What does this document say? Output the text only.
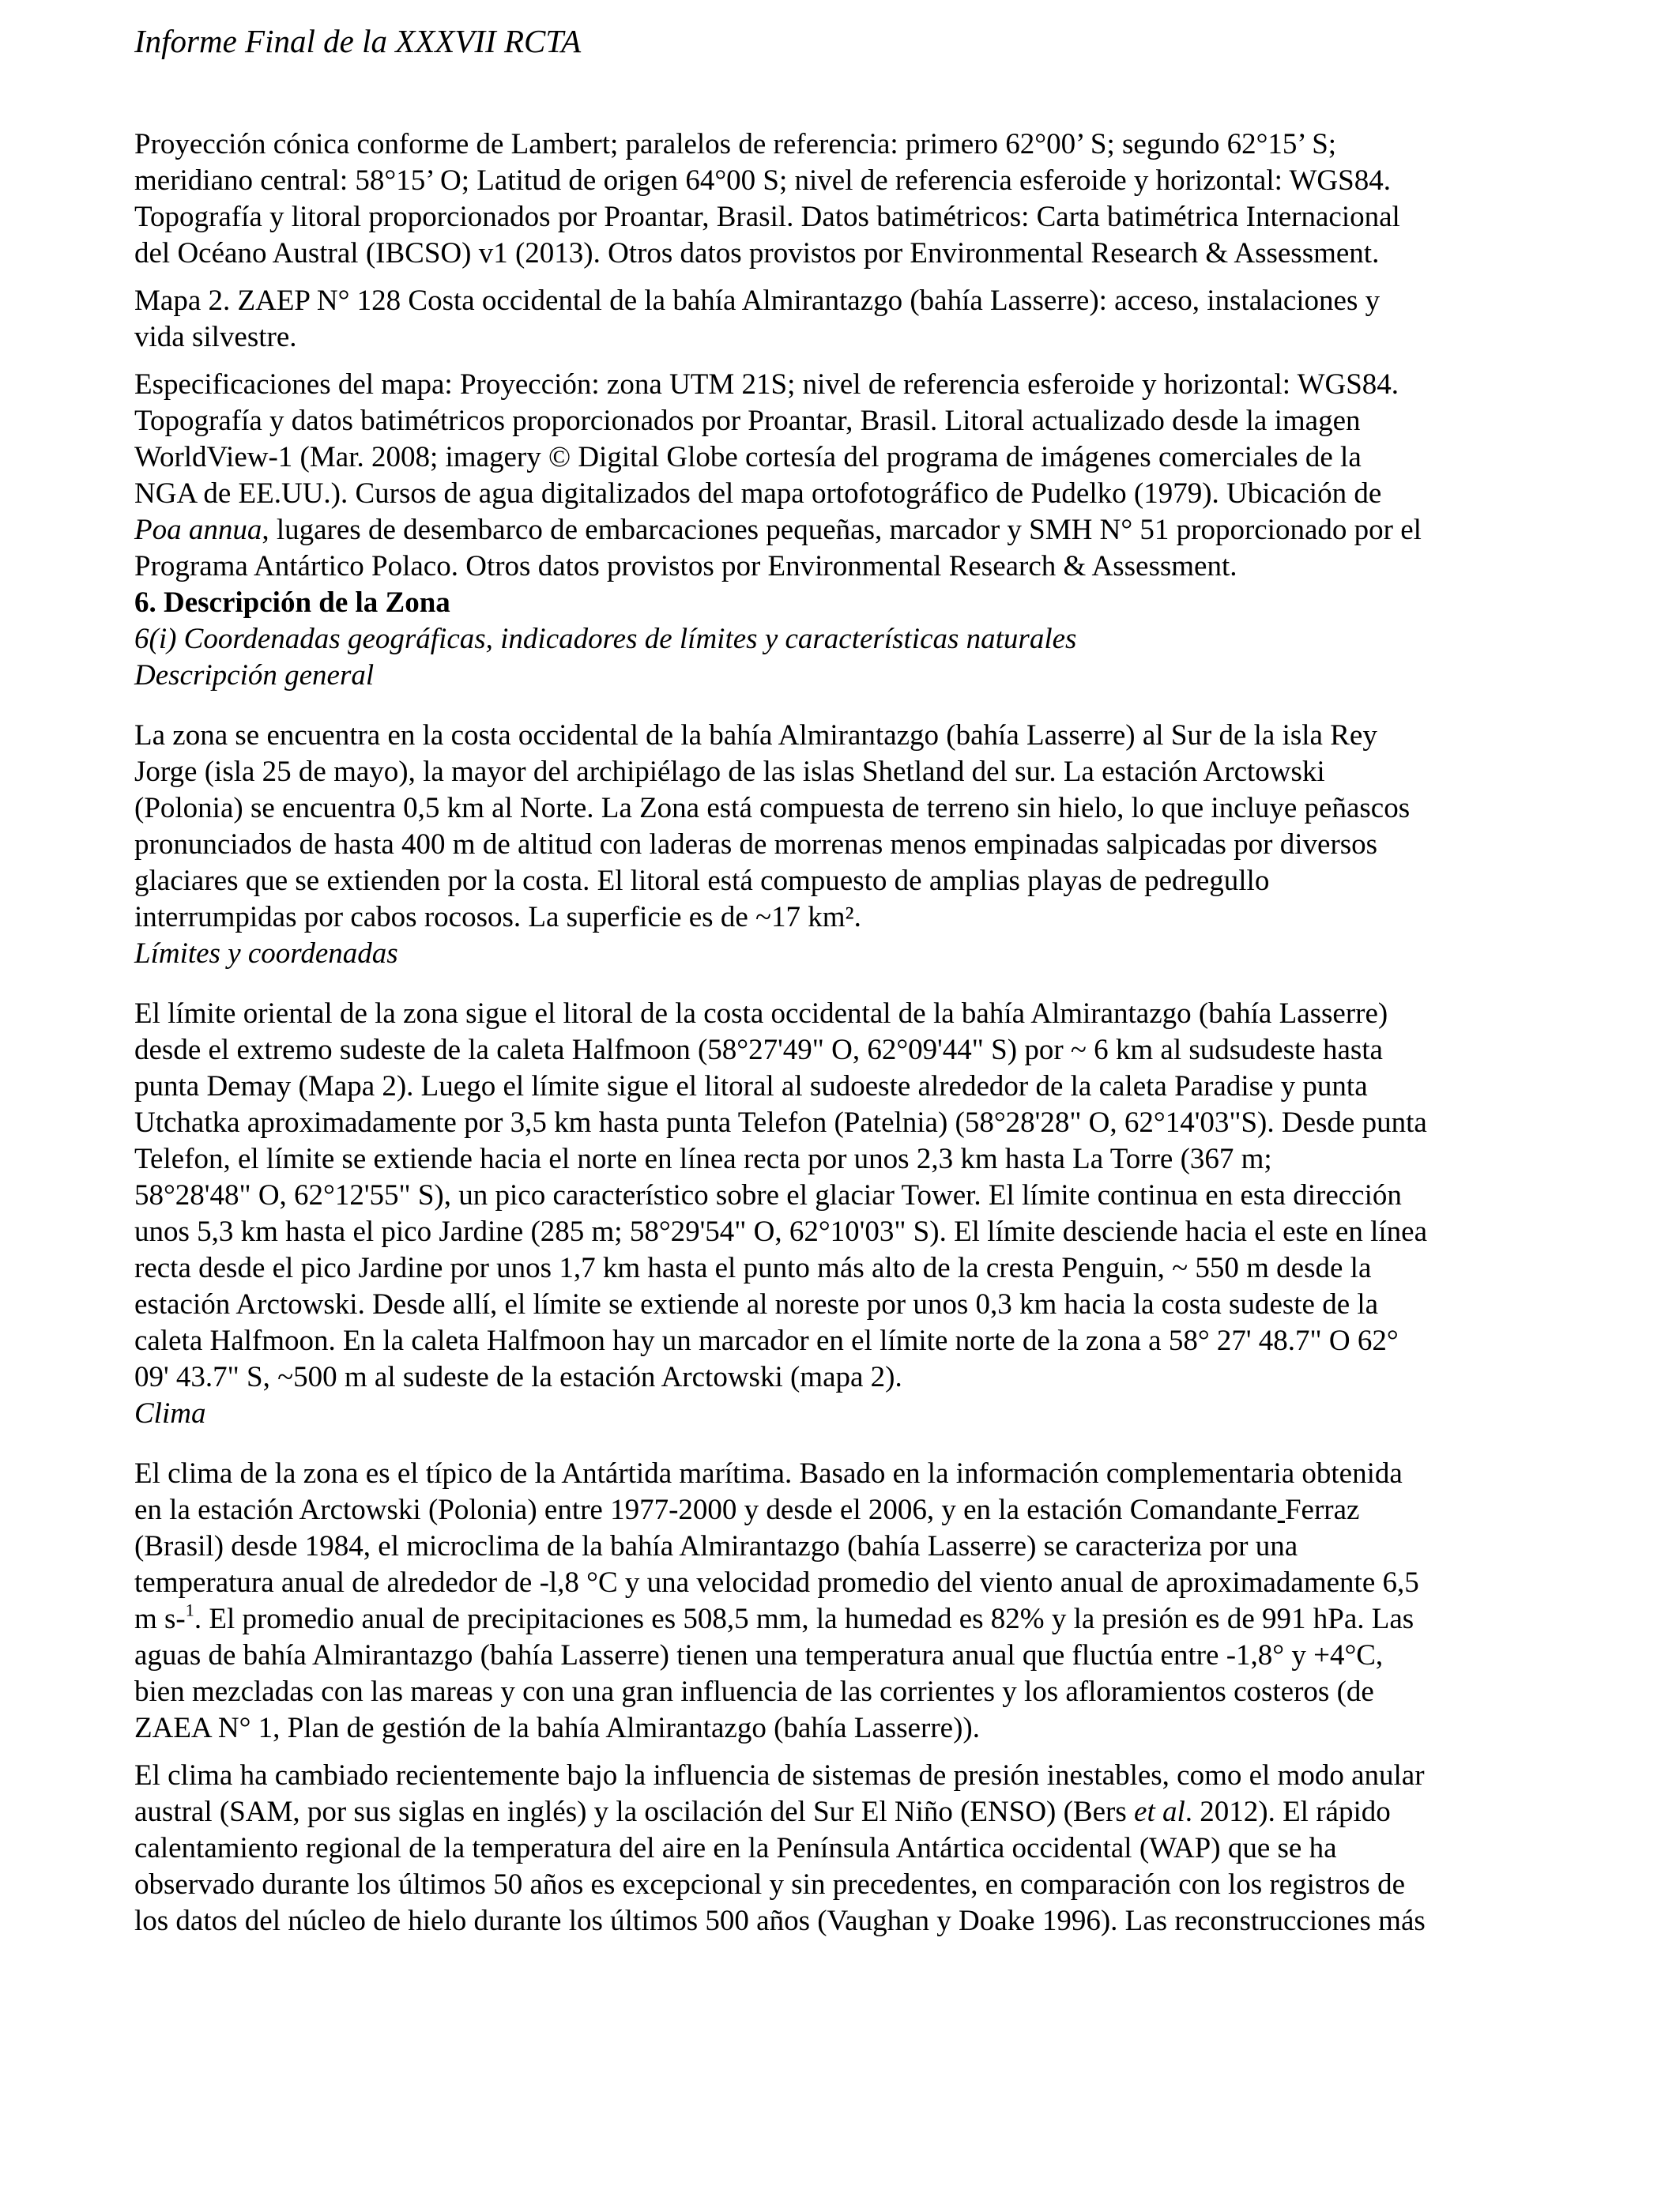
Informe Final de la XXXVII RCTA
Proyección cónica conforme de Lambert; paralelos de referencia: primero 62°00’ S; segundo 62°15’ S;
meridiano central: 58°15’ O; Latitud de origen 64°00 S; nivel de referencia esferoide y horizontal: WGS84.
Topografía y litoral proporcionados por Proantar, Brasil. Datos batimétricos: Carta batimétrica Internacional
del Océano Austral (IBCSO) v1 (2013). Otros datos provistos por Environmental Research & Assessment.
Mapa 2. ZAEP N° 128 Costa occidental de la bahía Almirantazgo (bahía Lasserre): acceso, instalaciones y
vida silvestre.
Especificaciones del mapa: Proyección: zona UTM 21S; nivel de referencia esferoide y horizontal: WGS84.
Topografía y datos batimétricos proporcionados por Proantar, Brasil. Litoral actualizado desde la imagen
WorldView-1 (Mar. 2008; imagery © Digital Globe cortesía del programa de imágenes comerciales de la
NGA de EE.UU.). Cursos de agua digitalizados del mapa ortofotográfico de Pudelko (1979). Ubicación de
Poa annua, lugares de desembarco de embarcaciones pequeñas, marcador y SMH N° 51 proporcionado por el
Programa Antártico Polaco. Otros datos provistos por Environmental Research & Assessment.
6. Descripción de la Zona
6(i) Coordenadas geográficas, indicadores de límites y características naturales
Descripción general
La zona se encuentra en la costa occidental de la bahía Almirantazgo (bahía Lasserre) al Sur de la isla Rey
Jorge (isla 25 de mayo), la mayor del archipiélago de las islas Shetland del sur. La estación Arctowski
(Polonia) se encuentra 0,5 km al Norte. La Zona está compuesta de terreno sin hielo, lo que incluye peñascos
pronunciados de hasta 400 m de altitud con laderas de morrenas menos empinadas salpicadas por diversos
glaciares que se extienden por la costa. El litoral está compuesto de amplias playas de pedregullo
interrumpidas por cabos rocosos. La superficie es de ~17 km².
Límites y coordenadas
El límite oriental de la zona sigue el litoral de la costa occidental de la bahía Almirantazgo (bahía Lasserre)
desde el extremo sudeste de la caleta Halfmoon (58°27'49" O, 62°09'44" S) por ~ 6 km al sudsudeste hasta
punta Demay (Mapa 2). Luego el límite sigue el litoral al sudoeste alrededor de la caleta Paradise y punta
Utchatka aproximadamente por 3,5 km hasta punta Telefon (Patelnia) (58°28'28" O, 62°14'03"S). Desde punta
Telefon, el límite se extiende hacia el norte en línea recta por unos 2,3 km hasta La Torre (367 m;
58°28'48" O, 62°12'55" S), un pico característico sobre el glaciar Tower. El límite continua en esta dirección
unos 5,3 km hasta el pico Jardine (285 m; 58°29'54" O, 62°10'03" S). El límite desciende hacia el este en línea
recta desde el pico Jardine por unos 1,7 km hasta el punto más alto de la cresta Penguin, ~ 550 m desde la
estación Arctowski. Desde allí, el límite se extiende al noreste por unos 0,3 km hacia la costa sudeste de la
caleta Halfmoon. En la caleta Halfmoon hay un marcador en el límite norte de la zona a 58° 27' 48.7" O 62°
09' 43.7" S, ~500 m al sudeste de la estación Arctowski (mapa 2).
Clima
El clima de la zona es el típico de la Antártida marítima. Basado en la información complementaria obtenida
en la estación Arctowski (Polonia) entre 1977-2000 y desde el 2006, y en la estación Comandante Ferraz
(Brasil) desde 1984, el microclima de la bahía Almirantazgo (bahía Lasserre) se caracteriza por una
temperatura anual de alrededor de -l,8 °C y una velocidad promedio del viento anual de aproximadamente 6,5
m s-$^1$. El promedio anual de precipitaciones es 508,5 mm, la humedad es 82% y la presión es de 991 hPa. Las
aguas de bahía Almirantazgo (bahía Lasserre) tienen una temperatura anual que fluctúa entre -1,8° y +4°C,
bien mezcladas con las mareas y con una gran influencia de las corrientes y los afloramientos costeros (de
ZAEA N° 1, Plan de gestión de la bahía Almirantazgo (bahía Lasserre)).
El clima ha cambiado recientemente bajo la influencia de sistemas de presión inestables, como el modo anular
austral (SAM, por sus siglas en inglés) y la oscilación del Sur El Niño (ENSO) (Bers et al. 2012). El rápido
calentamiento regional de la temperatura del aire en la Península Antártica occidental (WAP) que se ha
observado durante los últimos 50 años es excepcional y sin precedentes, en comparación con los registros de
los datos del núcleo de hielo durante los últimos 500 años (Vaughan y Doake 1996). Las reconstrucciones más
